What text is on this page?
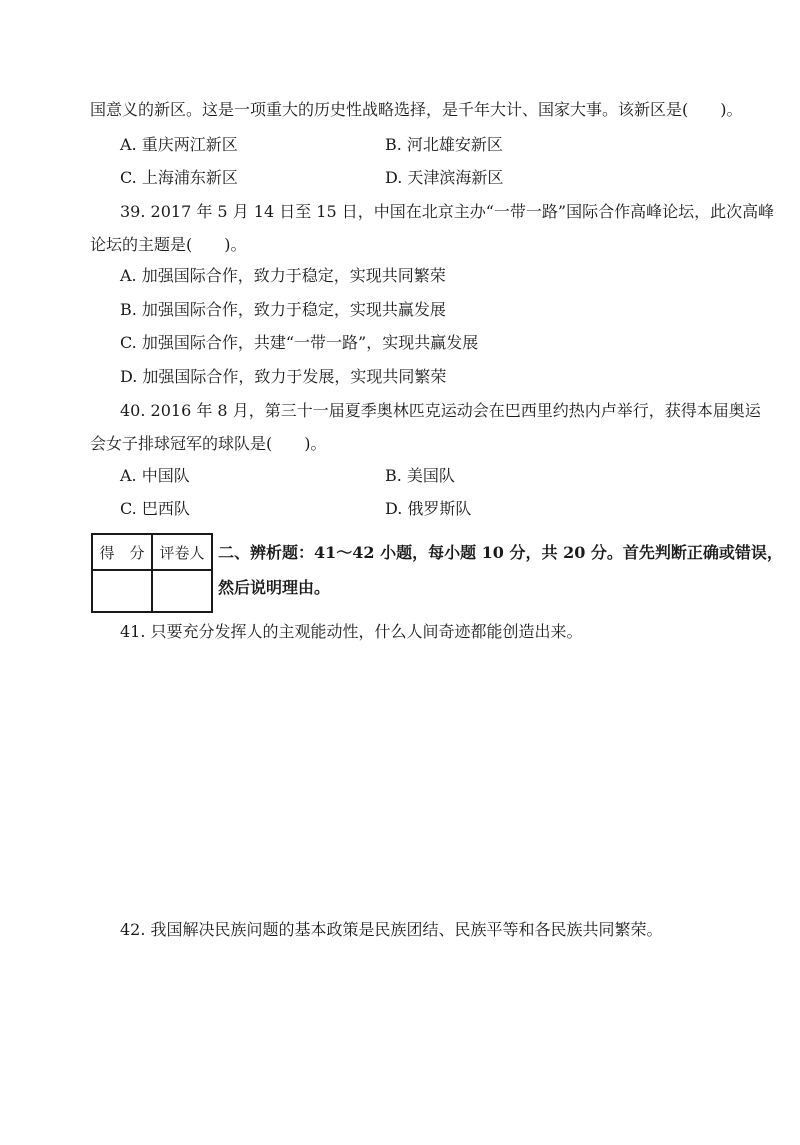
国意义的新区。这是一项重大的历史性战略选择，是千年大计、国家大事。该新区是(　　)。
A. 重庆两江新区	B. 河北雄安新区
C. 上海浦东新区	D. 天津滨海新区
39. 2017 年 5 月 14 日至 15 日，中国在北京主办“一带一路”国际合作高峰论坛，此次高峰
论坛的主题是(　　)。
A. 加强国际合作，致力于稳定，实现共同繁荣
B. 加强国际合作，致力于稳定，实现共赢发展
C. 加强国际合作，共建“一带一路”，实现共赢发展
D. 加强国际合作，致力于发展，实现共同繁荣
40. 2016 年 8 月，第三十一届夏季奥林匹克运动会在巴西里约热内卢举行，获得本届奥运
会女子排球冠军的球队是(　　)。
A. 中国队	B. 美国队
C. 巴西队	D. 俄罗斯队
得　分	评卷人
	二、辨析题：41～42 小题，每小题 10 分，共 20 分。首先判断正确或错误，
然后说明理由。
41. 只要充分发挥人的主观能动性，什么人间奇迹都能创造出来。
42. 我国解决民族问题的基本政策是民族团结、民族平等和各民族共同繁荣。
